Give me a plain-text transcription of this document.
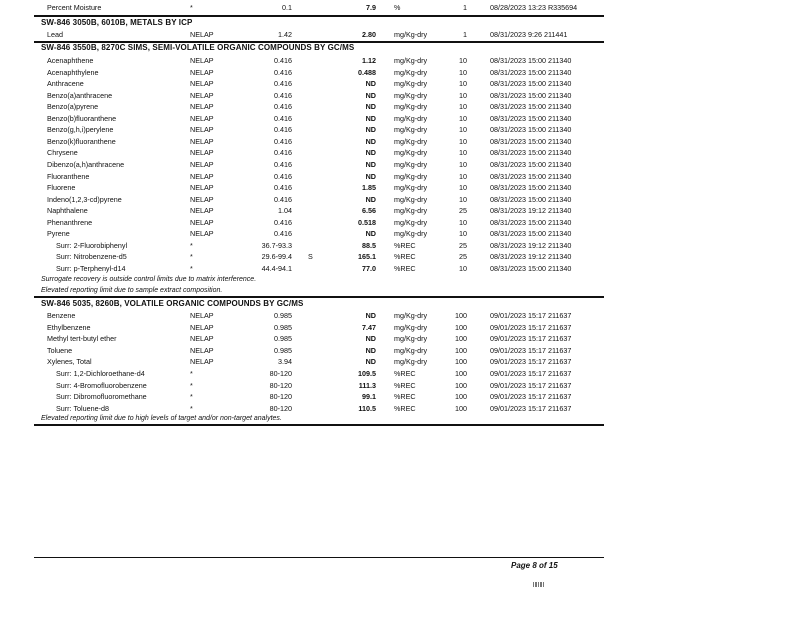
Percent Moisture	*	0.1	7.9	%	1	08/28/2023 13:23 R335694
SW-846 3050B, 6010B, METALS BY ICP
Lead	NELAP	1.42	2.80	mg/Kg-dry	1	08/31/2023 9:26 211441
SW-846 3550B, 8270C SIMS, SEMI-VOLATILE ORGANIC COMPOUNDS BY GC/MS
Acenaphthene	NELAP	0.416	1.12	mg/Kg-dry	10	08/31/2023 15:00 211340
Acenaphthylene	NELAP	0.416	0.488	mg/Kg-dry	10	08/31/2023 15:00 211340
Anthracene	NELAP	0.416	ND	mg/Kg-dry	10	08/31/2023 15:00 211340
Benzo(a)anthracene	NELAP	0.416	ND	mg/Kg-dry	10	08/31/2023 15:00 211340
Benzo(a)pyrene	NELAP	0.416	ND	mg/Kg-dry	10	08/31/2023 15:00 211340
Benzo(b)fluoranthene	NELAP	0.416	ND	mg/Kg-dry	10	08/31/2023 15:00 211340
Benzo(g,h,i)perylene	NELAP	0.416	ND	mg/Kg-dry	10	08/31/2023 15:00 211340
Benzo(k)fluoranthene	NELAP	0.416	ND	mg/Kg-dry	10	08/31/2023 15:00 211340
Chrysene	NELAP	0.416	ND	mg/Kg-dry	10	08/31/2023 15:00 211340
Dibenzo(a,h)anthracene	NELAP	0.416	ND	mg/Kg-dry	10	08/31/2023 15:00 211340
Fluoranthene	NELAP	0.416	ND	mg/Kg-dry	10	08/31/2023 15:00 211340
Fluorene	NELAP	0.416	1.85	mg/Kg-dry	10	08/31/2023 15:00 211340
Indeno(1,2,3-cd)pyrene	NELAP	0.416	ND	mg/Kg-dry	10	08/31/2023 15:00 211340
Naphthalene	NELAP	1.04	6.56	mg/Kg-dry	25	08/31/2023 19:12 211340
Phenanthrene	NELAP	0.416	0.518	mg/Kg-dry	10	08/31/2023 15:00 211340
Pyrene	NELAP	0.416	ND	mg/Kg-dry	10	08/31/2023 15:00 211340
Surr: 2-Fluorobiphenyl	*	36.7-93.3	88.5	%REC	25	08/31/2023 19:12 211340
Surr: Nitrobenzene-d5	*	29.6-99.4 S	165.1	%REC	25	08/31/2023 19:12 211340
Surr: p-Terphenyl-d14	*	44.4-94.1	77.0	%REC	10	08/31/2023 15:00 211340
Surrogate recovery is outside control limits due to matrix interference.
Elevated reporting limit due to sample extract composition.
SW-846 5035, 8260B, VOLATILE ORGANIC COMPOUNDS BY GC/MS
Benzene	NELAP	0.985	ND	mg/Kg-dry	100	09/01/2023 15:17 211637
Ethylbenzene	NELAP	0.985	7.47	mg/Kg-dry	100	09/01/2023 15:17 211637
Methyl tert-butyl ether	NELAP	0.985	ND	mg/Kg-dry	100	09/01/2023 15:17 211637
Toluene	NELAP	0.985	ND	mg/Kg-dry	100	09/01/2023 15:17 211637
Xylenes, Total	NELAP	3.94	ND	mg/Kg-dry	100	09/01/2023 15:17 211637
Surr: 1,2-Dichloroethane-d4	*	80-120	109.5	%REC	100	09/01/2023 15:17 211637
Surr: 4-Bromofluorobenzene	*	80-120	111.3	%REC	100	09/01/2023 15:17 211637
Surr: Dibromofluoromethane	*	80-120	99.1	%REC	100	09/01/2023 15:17 211637
Surr: Toluene-d8	*	80-120	110.5	%REC	100	09/01/2023 15:17 211637
Elevated reporting limit due to high levels of target and/or non-target analytes.
Page 8 of 15
